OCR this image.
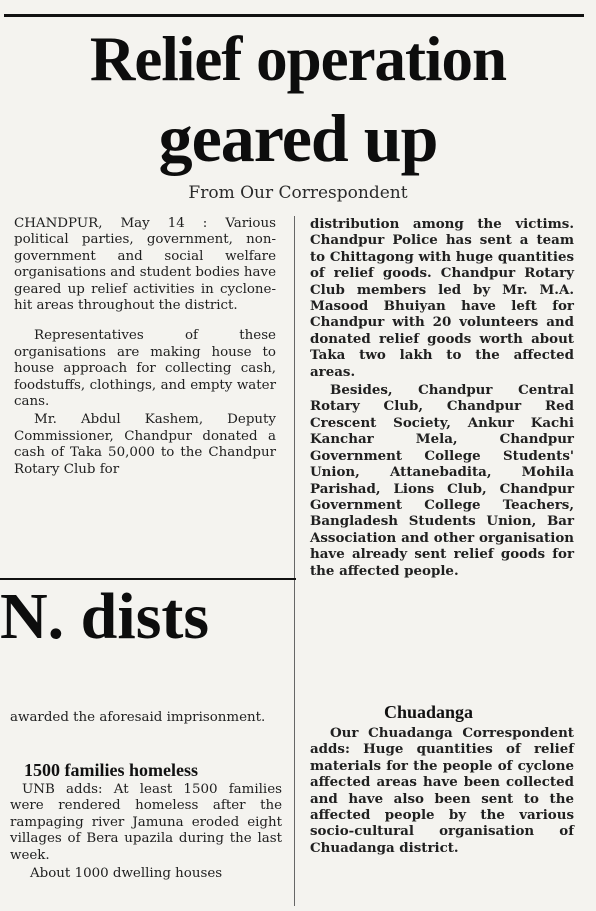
Relief operation
geared up
From Our Correspondent

CHANDPUR, May 14 : Various political parties, government, non-government and social welfare organisations and student bodies have geared up relief activities in cyclone-hit areas throughout the district.

Representatives of these organisations are making house to house approach for collecting cash, foodstuffs, clothings, and empty water cans.

Mr. Abdul Kashem, Deputy Commissioner, Chandpur donated a cash of Taka 50,000 to the Chandpur Rotary Club for

distribution among the victims. Chandpur Police has sent a team to Chittagong with huge quantities of relief goods. Chandpur Rotary Club members led by Mr. M.A. Masood Bhuiyan have left for Chandpur with 20 volunteers and donated relief goods worth about Taka two lakh to the affected areas.

Besides, Chandpur Central Rotary Club, Chandpur Red Crescent Society, Ankur Kachi Kanchar Mela, Chandpur Government College Students' Union, Attanebadita, Mohila Parishad, Lions Club, Chandpur Government College Teachers, Bangladesh Students Union, Bar Association and other organisation have already sent relief goods for the affected people.

Chuadanga

Our Chuadanga Correspondent adds: Huge quantities of relief materials for the people of cyclone affected areas have been collected and have also been sent to the affected people by the various socio-cultural organisation of Chuadanga district.

N. dists

awarded the aforesaid imprisonment.

1500 families homeless

UNB adds: At least 1500 families were rendered homeless after the rampaging river Jamuna eroded eight villages of Bera upazila during the last week.

About 1000 dwelling houses
